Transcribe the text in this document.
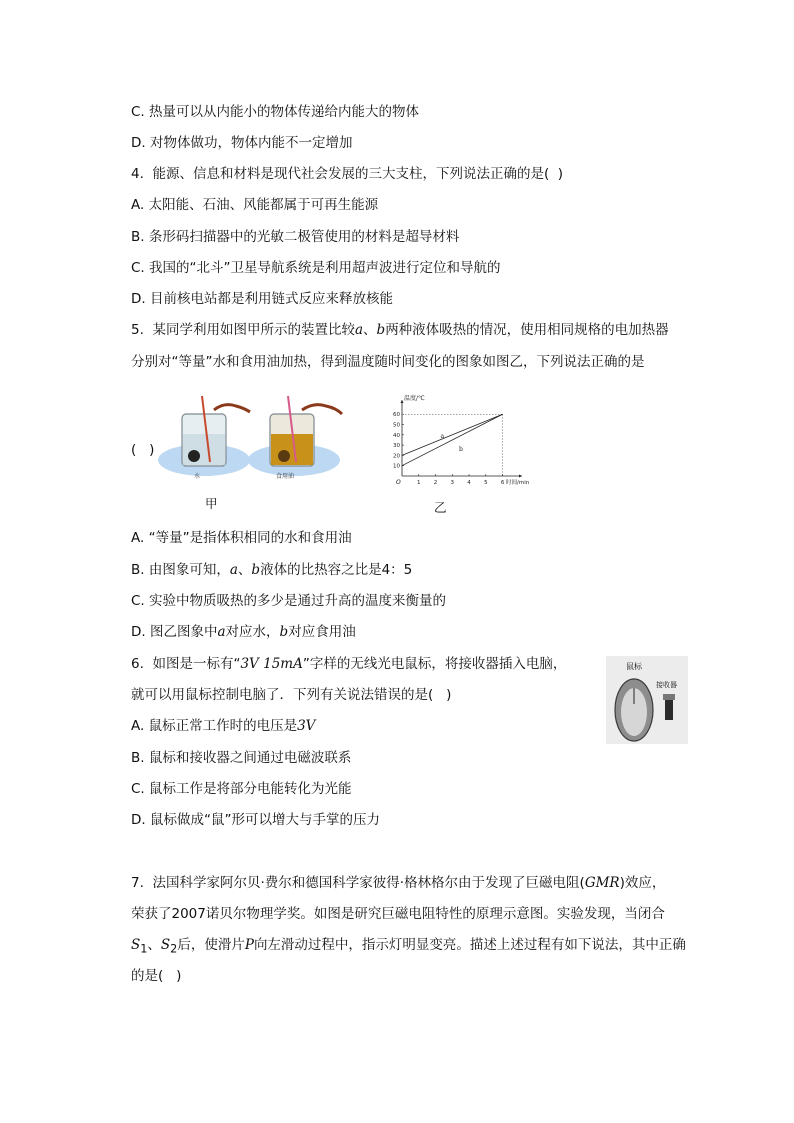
C. 热量可以从内能小的物体传递给内能大的物体
D. 对物体做功，物体内能不一定增加
4.  能源、信息和材料是现代社会发展的三大支柱，下列说法正确的是(  )
A. 太阳能、石油、风能都属于可再生能源
B. 条形码扫描器中的光敏二极管使用的材料是超导材料
C. 我国的“北斗”卫星导航系统是利用超声波进行定位和导航的
D. 目前核电站都是利用链式反应来释放核能
5.  某同学利用如图甲所示的装置比较a、b两种液体吸热的情况，使用相同规格的电加热器
分别对“等量”水和食用油加热，得到温度随时间变化的图象如图乙，下列说法正确的是
(   )
水	食用油
甲
1 2 3 4 5 6
10
20
30
40
50
60
a
b
温度/℃
时间/min
O
乙
A. “等量”是指体积相同的水和食用油
B. 由图象可知，a、b液体的比热容之比是4：5
C. 实验中物质吸热的多少是通过升高的温度来衡量的
D. 图乙图象中a对应水，b对应食用油
6.  如图是一标有“3V 15mA”字样的无线光电鼠标，将接收器插入电脑，
就可以用鼠标控制电脑了．下列有关说法错误的是(   )
A. 鼠标正常工作时的电压是3V
B. 鼠标和接收器之间通过电磁波联系
C. 鼠标工作是将部分电能转化为光能
D. 鼠标做成“鼠”形可以增大与手掌的压力
鼠标
接收器
7.  法国科学家阿尔贝·费尔和德国科学家彼得·格林格尔由于发现了巨磁电阻(GMR)效应，
荣获了2007诺贝尔物理学奖。如图是研究巨磁电阻特性的原理示意图。实验发现，当闭合
$S_1$、$S_2$后，使滑片P向左滑动过程中，指示灯明显变亮。描述上述过程有如下说法，其中正确
的是(   )
